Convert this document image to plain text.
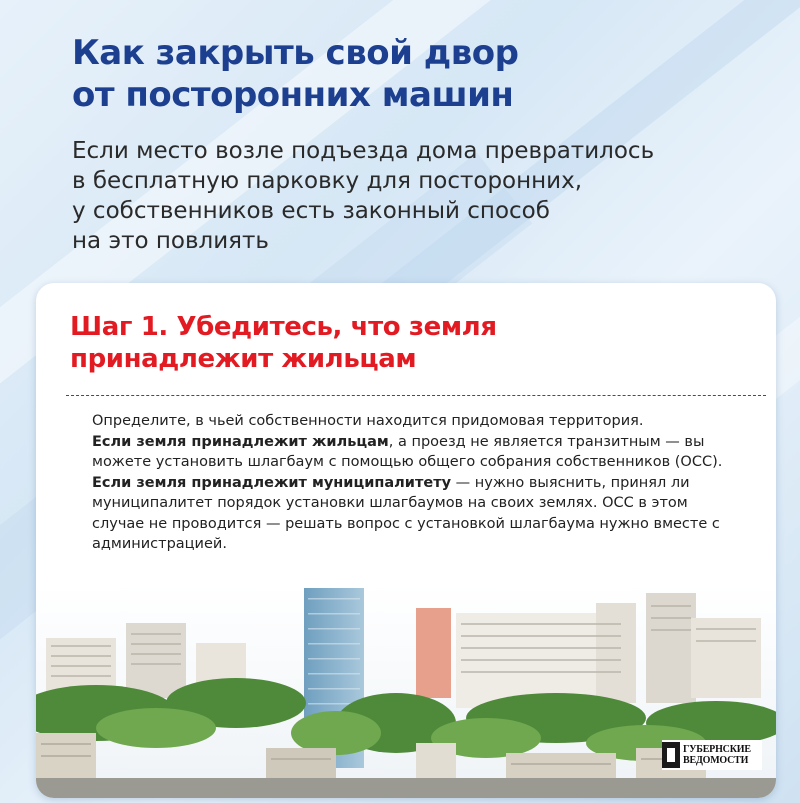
Как закрыть свой двор
от посторонних машин
Если место возле подъезда дома превратилось
в бесплатную парковку для посторонних,
у собственников есть законный способ
на это повлиять
Шаг 1. Убедитесь, что земля
принадлежит жильцам

Определите, в чьей собственности находится придомовая территория.

Если земля принадлежит жильцам, а проезд не является транзитным — вы можете установить шлагбаум с помощью общего собрания собственников (ОСС).

Если земля принадлежит муниципалитету — нужно выяснить, принял ли муниципалитет порядок установки шлагбаумов на своих землях. ОСС в этом случае не проводится — решать вопрос с установкой шлагбаума нужно вместе с администрацией.

ГУБЕРНСКИЕ
ВЕДОМОСТИ
